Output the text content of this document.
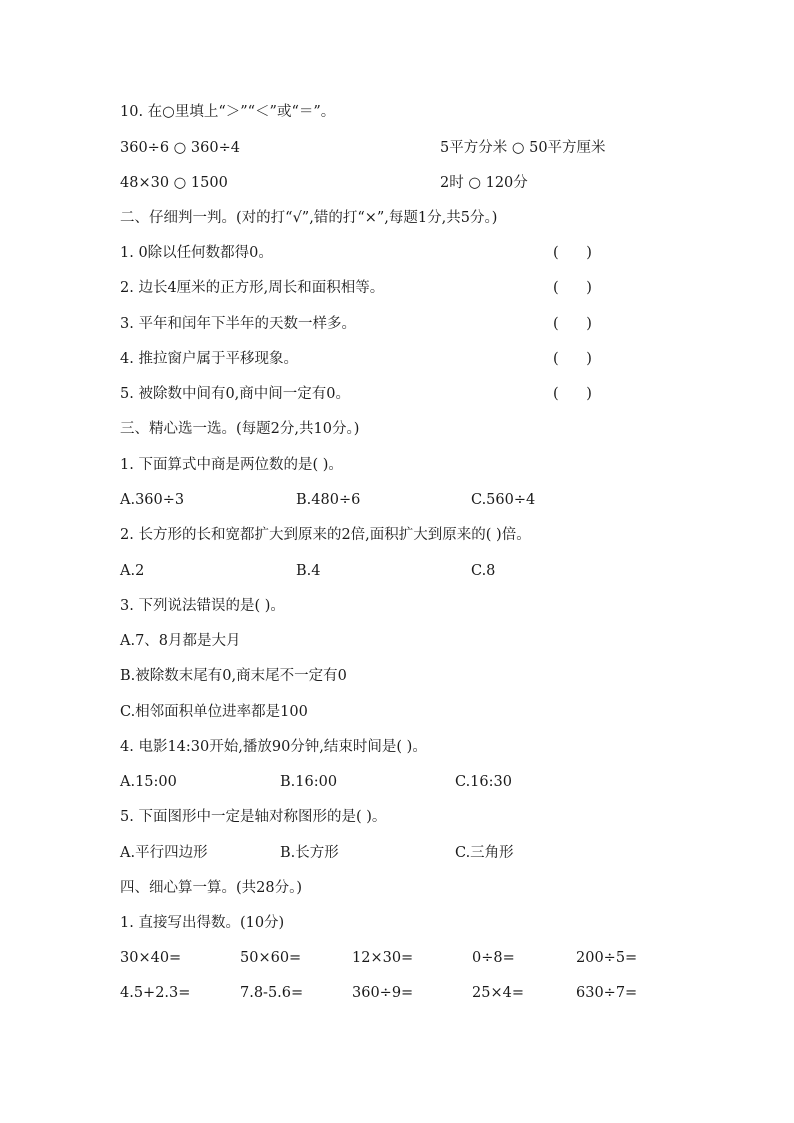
10. 在○里填上“＞”“＜”或“＝”。
360÷6 ○ 360÷4	5平方分米 ○ 50平方厘米
48×30 ○ 1500	2时 ○ 120分
二、仔细判一判。(对的打“√”,错的打“×”,每题1分,共5分。)
1. 0除以任何数都得0。	(      )
2. 边长4厘米的正方形,周长和面积相等。	(      )
3. 平年和闰年下半年的天数一样多。	(      )
4. 推拉窗户属于平移现象。	(      )
5. 被除数中间有0,商中间一定有0。	(      )
三、精心选一选。(每题2分,共10分。)
1. 下面算式中商是两位数的是( )。
A.360÷3	B.480÷6	C.560÷4
2. 长方形的长和宽都扩大到原来的2倍,面积扩大到原来的( )倍。
A.2	B.4	C.8
3. 下列说法错误的是( )。
A.7、8月都是大月
B.被除数末尾有0,商末尾不一定有0
C.相邻面积单位进率都是100
4. 电影14:30开始,播放90分钟,结束时间是( )。
A.15:00	B.16:00	C.16:30
5. 下面图形中一定是轴对称图形的是( )。
A.平行四边形	B.长方形	C.三角形
四、细心算一算。(共28分。)
1. 直接写出得数。(10分)
30×40=	50×60=	12×30=	0÷8=	200÷5=
4.5+2.3=	7.8-5.6=	360÷9=	25×4=	630÷7=
